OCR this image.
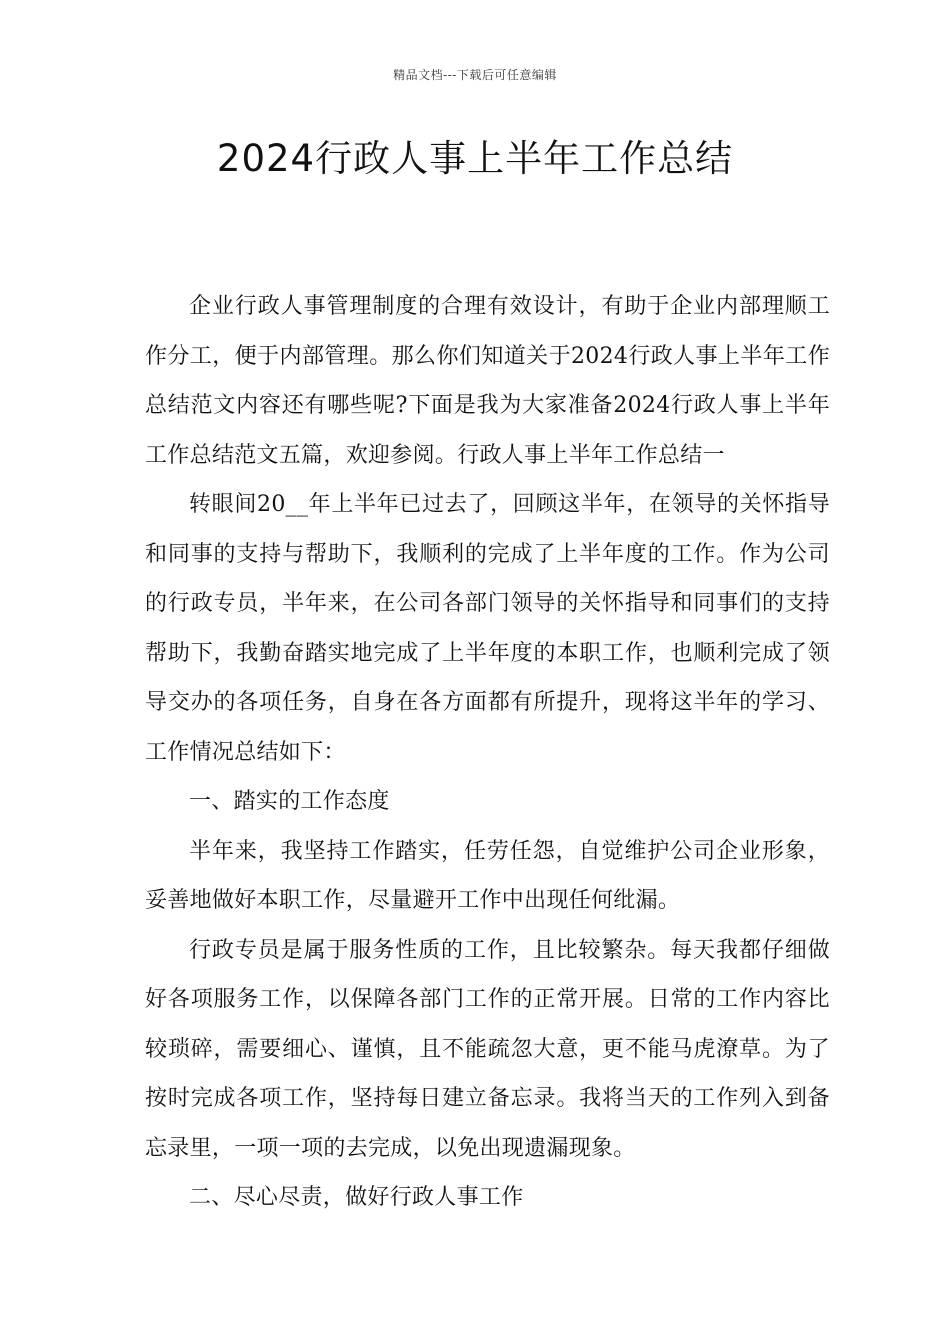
精品文档---下载后可任意编辑
2024行政人事上半年工作总结

企业行政人事管理制度的合理有效设计，有助于企业内部理顺工作分工，便于内部管理。那么你们知道关于2024行政人事上半年工作总结范文内容还有哪些呢?下面是我为大家准备2024行政人事上半年工作总结范文五篇，欢迎参阅。行政人事上半年工作总结一

转眼间20__年上半年已过去了，回顾这半年，在领导的关怀指导和同事的支持与帮助下，我顺利的完成了上半年度的工作。作为公司的行政专员，半年来，在公司各部门领导的关怀指导和同事们的支持帮助下，我勤奋踏实地完成了上半年度的本职工作，也顺利完成了领导交办的各项任务，自身在各方面都有所提升，现将这半年的学习、工作情况总结如下：

一、踏实的工作态度

半年来，我坚持工作踏实，任劳任怨，自觉维护公司企业形象，妥善地做好本职工作，尽量避开工作中出现任何纰漏。

行政专员是属于服务性质的工作，且比较繁杂。每天我都仔细做好各项服务工作，以保障各部门工作的正常开展。日常的工作内容比较琐碎，需要细心、谨慎，且不能疏忽大意，更不能马虎潦草。为了按时完成各项工作，坚持每日建立备忘录。我将当天的工作列入到备忘录里，一项一项的去完成，以免出现遗漏现象。

二、尽心尽责，做好行政人事工作
